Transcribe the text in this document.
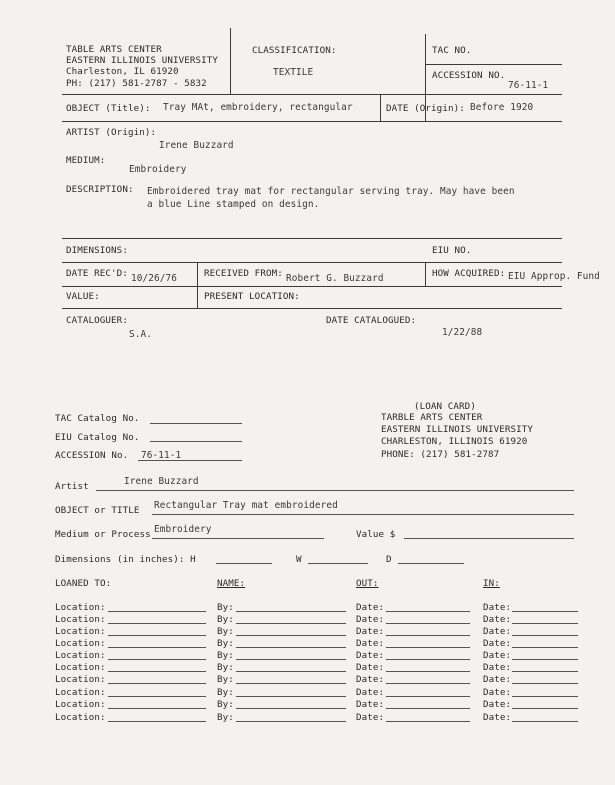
TABLE ARTS CENTER
EASTERN ILLINOIS UNIVERSITY
Charleston, IL 61920
PH: (217) 581-2787 - 5832
CLASSIFICATION:
TEXTILE
TAC NO.
ACCESSION NO.
76-11-1
OBJECT (Title): Tray MAt, embroidery, rectangular	DATE (Origin): Before 1920
ARTIST (Origin):
Irene Buzzard
MEDIUM:
Embroidery
DESCRIPTION: Embroidered tray mat for rectangular serving tray. May have been
a blue Line stamped on design.
DIMENSIONS:	EIU NO.
DATE REC'D: 10/26/76	RECEIVED FROM: Robert G. Buzzard	HOW ACQUIRED: EIU Approp. Fund
VALUE:	PRESENT LOCATION:
CATALOGUER:
S.A.
DATE CATALOGUED:
1/22/88
(LOAN CARD)
TARBLE ARTS CENTER
EASTERN ILLINOIS UNIVERSITY
CHARLESTON, ILLINOIS 61920
PHONE: (217) 581-2787
TAC Catalog No.
EIU Catalog No.
ACCESSION No. 76-11-1
Artist	Irene Buzzard
OBJECT or TITLE Rectangular Tray mat embroidered
Medium or Process Embroidery	Value $
Dimensions (in inches): H	W	D
LOANED TO:	NAME:	OUT:	IN:
Location:	By:	Date:	Date:
Location:	By:	Date:	Date:
Location:	By:	Date:	Date:
Location:	By:	Date:	Date:
Location:	By:	Date:	Date:
Location:	By:	Date:	Date:
Location:	By:	Date:	Date:
Location:	By:	Date:	Date:
Location:	By:	Date:	Date:
Location:	By:	Date:	Date:
